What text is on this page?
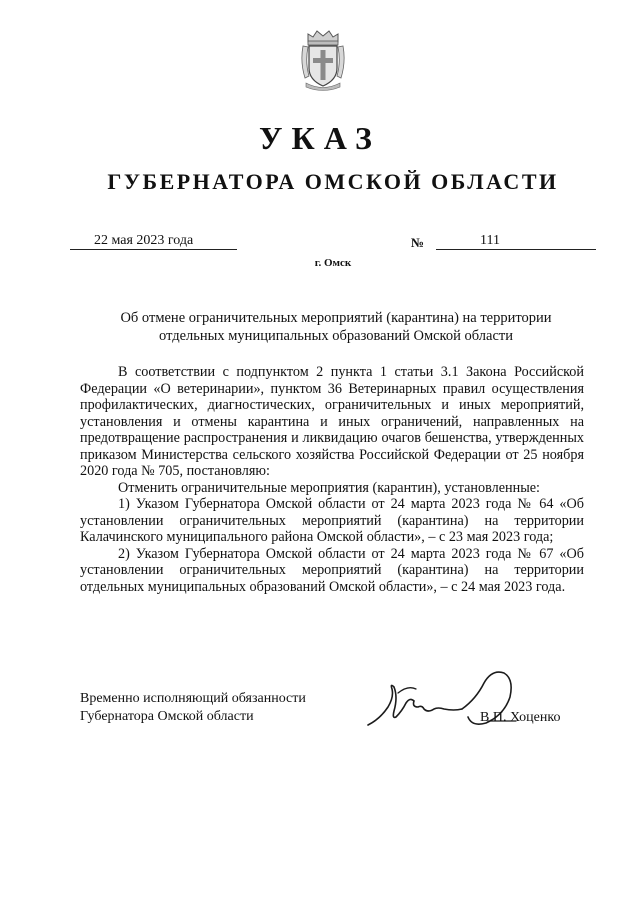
УКАЗ
ГУБЕРНАТОРА ОМСКОЙ ОБЛАСТИ
22 мая 2023 года	№	111
г. Омск
Об отмене ограничительных мероприятий (карантина) на территории отдельных муниципальных образований Омской области

В соответствии с подпунктом 2 пункта 1 статьи 3.1 Закона Российской Федерации «О ветеринарии», пунктом 36 Ветеринарных правил осуществления профилактических, диагностических, ограничительных и иных мероприятий, установления и отмены карантина и иных ограничений, направленных на предотвращение распространения и ликвидацию очагов бешенства, утвержденных приказом Министерства сельского хозяйства Российской Федерации от 25 ноября 2020 года № 705, постановляю:

Отменить ограничительные мероприятия (карантин), установленные:

1) Указом Губернатора Омской области от 24 марта 2023 года № 64 «Об установлении ограничительных мероприятий (карантина) на территории Калачинского муниципального района Омской области», – с 23 мая 2023 года;

2) Указом Губернатора Омской области от 24 марта 2023 года № 67 «Об установлении ограничительных мероприятий (карантина) на территории отдельных муниципальных образований Омской области», – с 24 мая 2023 года.

Временно исполняющий обязанности
Губернатора Омской области	В.П. Хоценко
